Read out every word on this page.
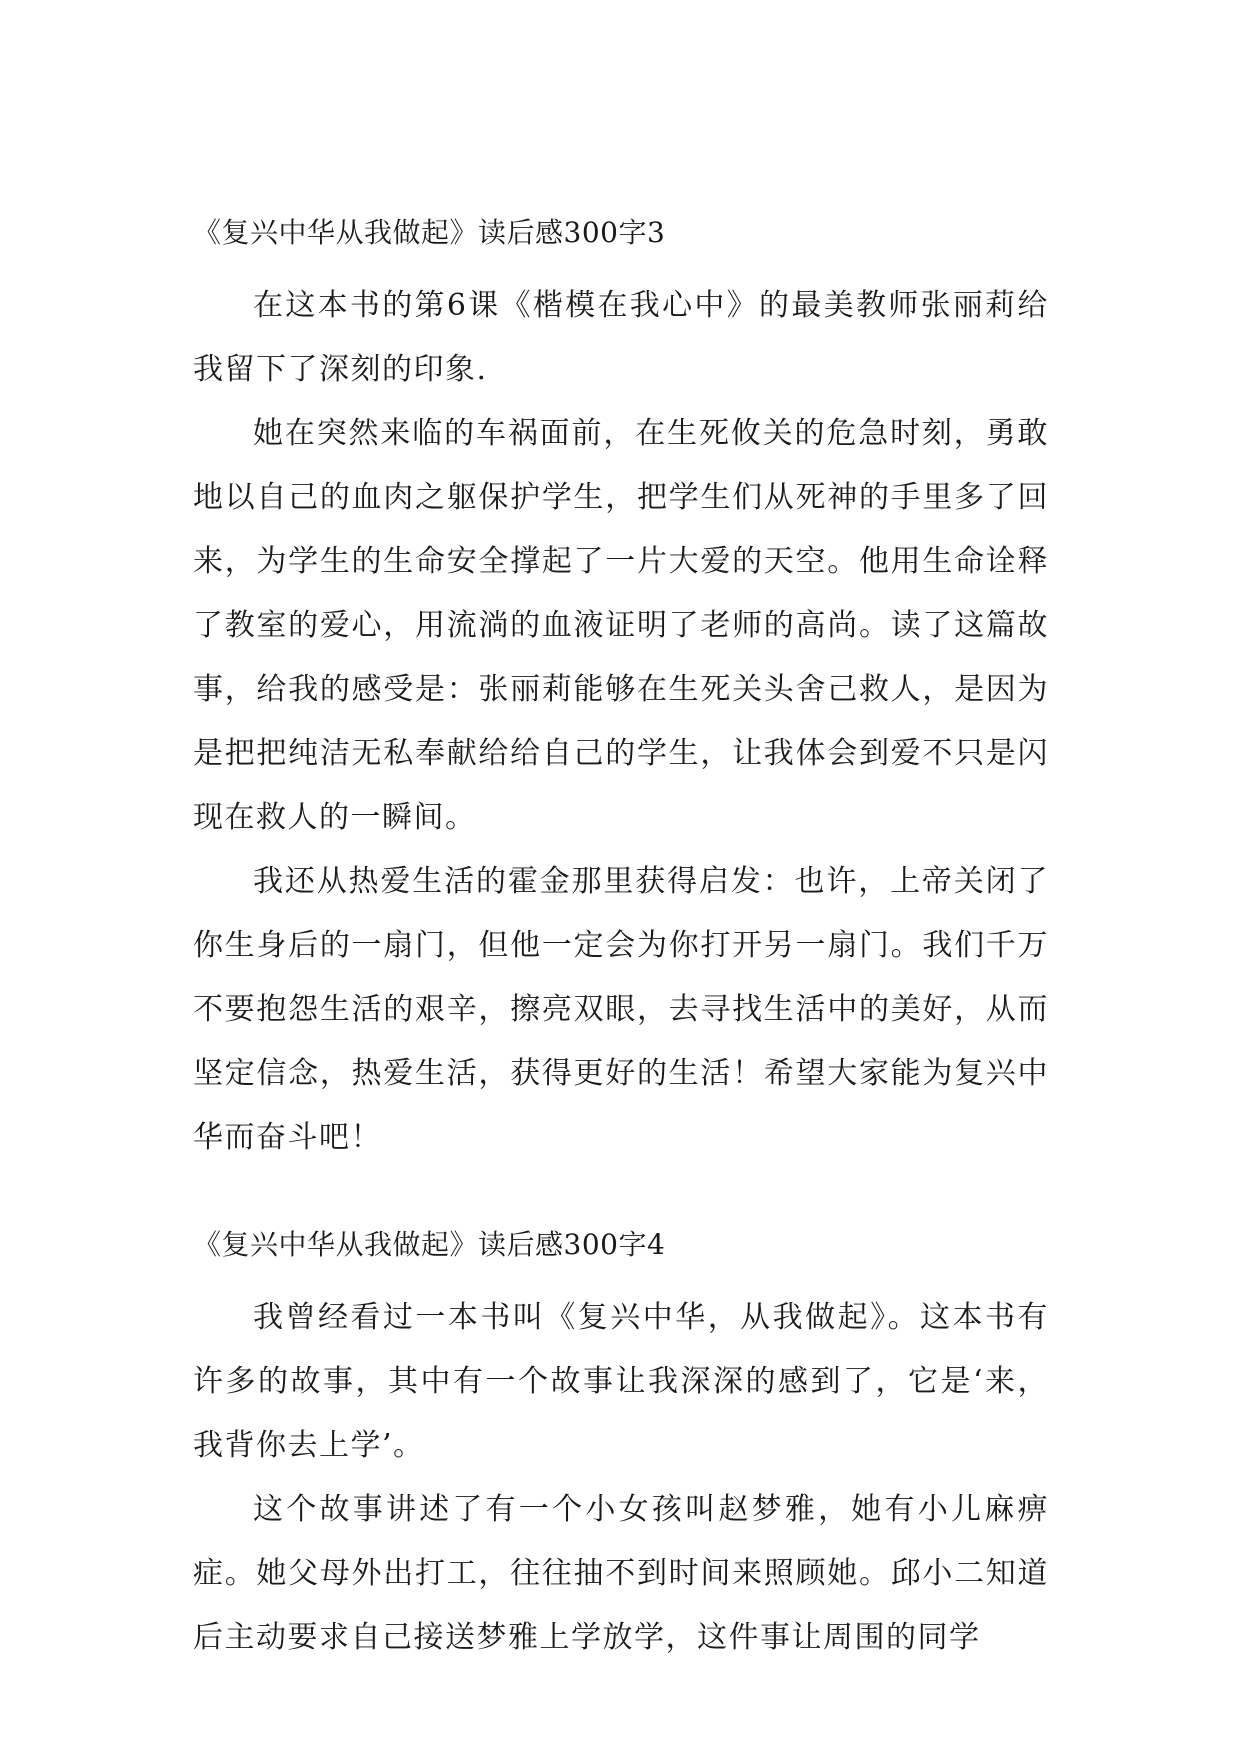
《复兴中华从我做起》读后感300字3

在这本书的第6课《楷模在我心中》的最美教师张丽莉给我留下了深刻的印象.

她在突然来临的车祸面前，在生死攸关的危急时刻，勇敢地以自己的血肉之躯保护学生，把学生们从死神的手里多了回来，为学生的生命安全撑起了一片大爱的天空。他用生命诠释了教室的爱心，用流淌的血液证明了老师的高尚。读了这篇故事，给我的感受是：张丽莉能够在生死关头舍己救人，是因为是把把纯洁无私奉献给给自己的学生，让我体会到爱不只是闪现在救人的一瞬间。

我还从热爱生活的霍金那里获得启发：也许，上帝关闭了你生身后的一扇门，但他一定会为你打开另一扇门。我们千万不要抱怨生活的艰辛，擦亮双眼，去寻找生活中的美好，从而坚定信念，热爱生活，获得更好的生活！希望大家能为复兴中华而奋斗吧！

《复兴中华从我做起》读后感300字4

我曾经看过一本书叫《复兴中华，从我做起》。这本书有许多的故事，其中有一个故事让我深深的感到了，它是‘来，我背你去上学’。

这个故事讲述了有一个小女孩叫赵梦雅，她有小儿麻痹症。她父母外出打工，往往抽不到时间来照顾她。邱小二知道后主动要求自己接送梦雅上学放学，这件事让周围的同学
